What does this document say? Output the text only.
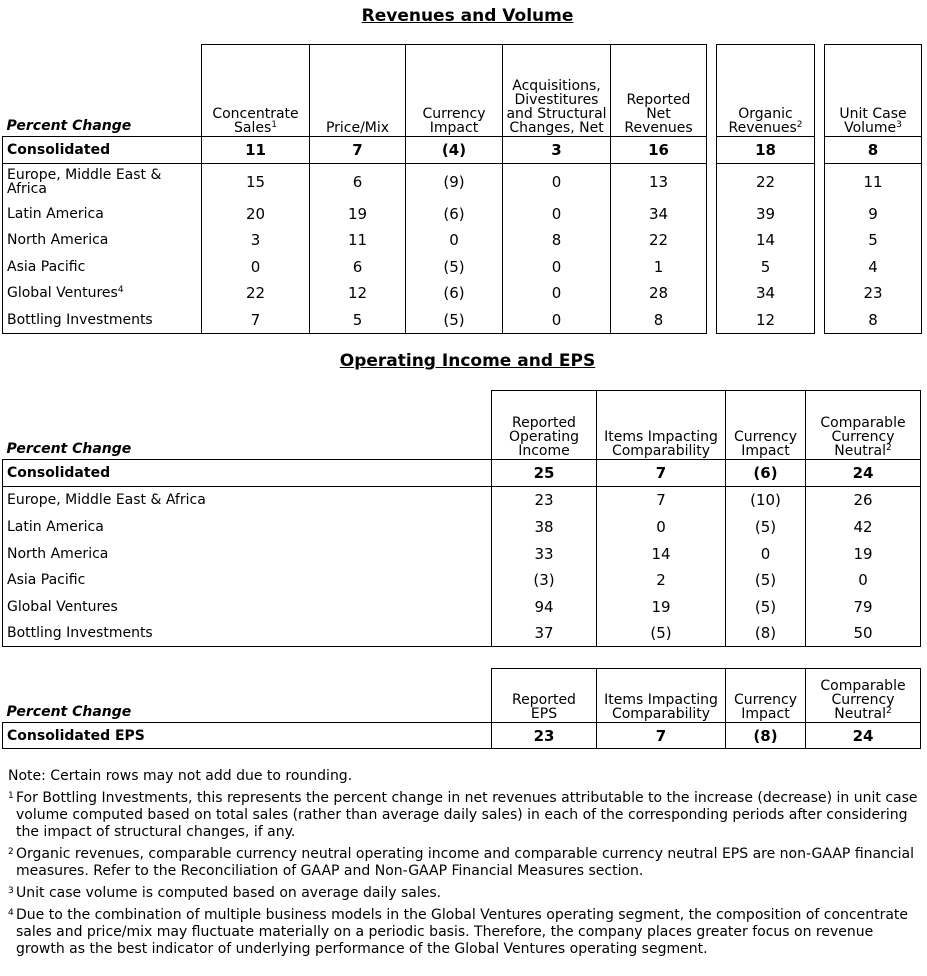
Revenues and Volume
Percent Change	Concentrate Sales$^1$	Price/Mix	Currency Impact	Acquisitions, Divestitures and Structural Changes, Net	Reported Net Revenues		Organic Revenues$^2$		Unit Case Volume$^3$
Consolidated	11	7	(4)	3	16		18		8
Europe, Middle East & Africa	15	6	(9)	0	13		22		11
Latin America	20	19	(6)	0	34		39		9
North America	3	11	0	8	22		14		5
Asia Pacific	0	6	(5)	0	1		5		4
Global Ventures$^4$	22	12	(6)	0	28		34		23
Bottling Investments	7	5	(5)	0	8		12		8
Operating Income and EPS
Percent Change	Reported Operating Income	Items Impacting Comparability	Currency Impact	Comparable Currency Neutral$^2$
Consolidated	25	7	(6)	24
Europe, Middle East & Africa	23	7	(10)	26
Latin America	38	0	(5)	42
North America	33	14	0	19
Asia Pacific	(3)	2	(5)	0
Global Ventures	94	19	(5)	79
Bottling Investments	37	(5)	(8)	50
Percent Change	Reported EPS	Items Impacting Comparability	Currency Impact	Comparable Currency Neutral$^2$
Consolidated EPS	23	7	(8)	24

Note: Certain rows may not add due to rounding.

1 For Bottling Investments, this represents the percent change in net revenues attributable to the increase (decrease) in unit case volume computed based on total sales (rather than average daily sales) in each of the corresponding periods after considering the impact of structural changes, if any.
2 Organic revenues, comparable currency neutral operating income and comparable currency neutral EPS are non-GAAP financial measures. Refer to the Reconciliation of GAAP and Non-GAAP Financial Measures section.
3 Unit case volume is computed based on average daily sales.
4 Due to the combination of multiple business models in the Global Ventures operating segment, the composition of concentrate sales and price/mix may fluctuate materially on a periodic basis. Therefore, the company places greater focus on revenue growth as the best indicator of underlying performance of the Global Ventures operating segment.
